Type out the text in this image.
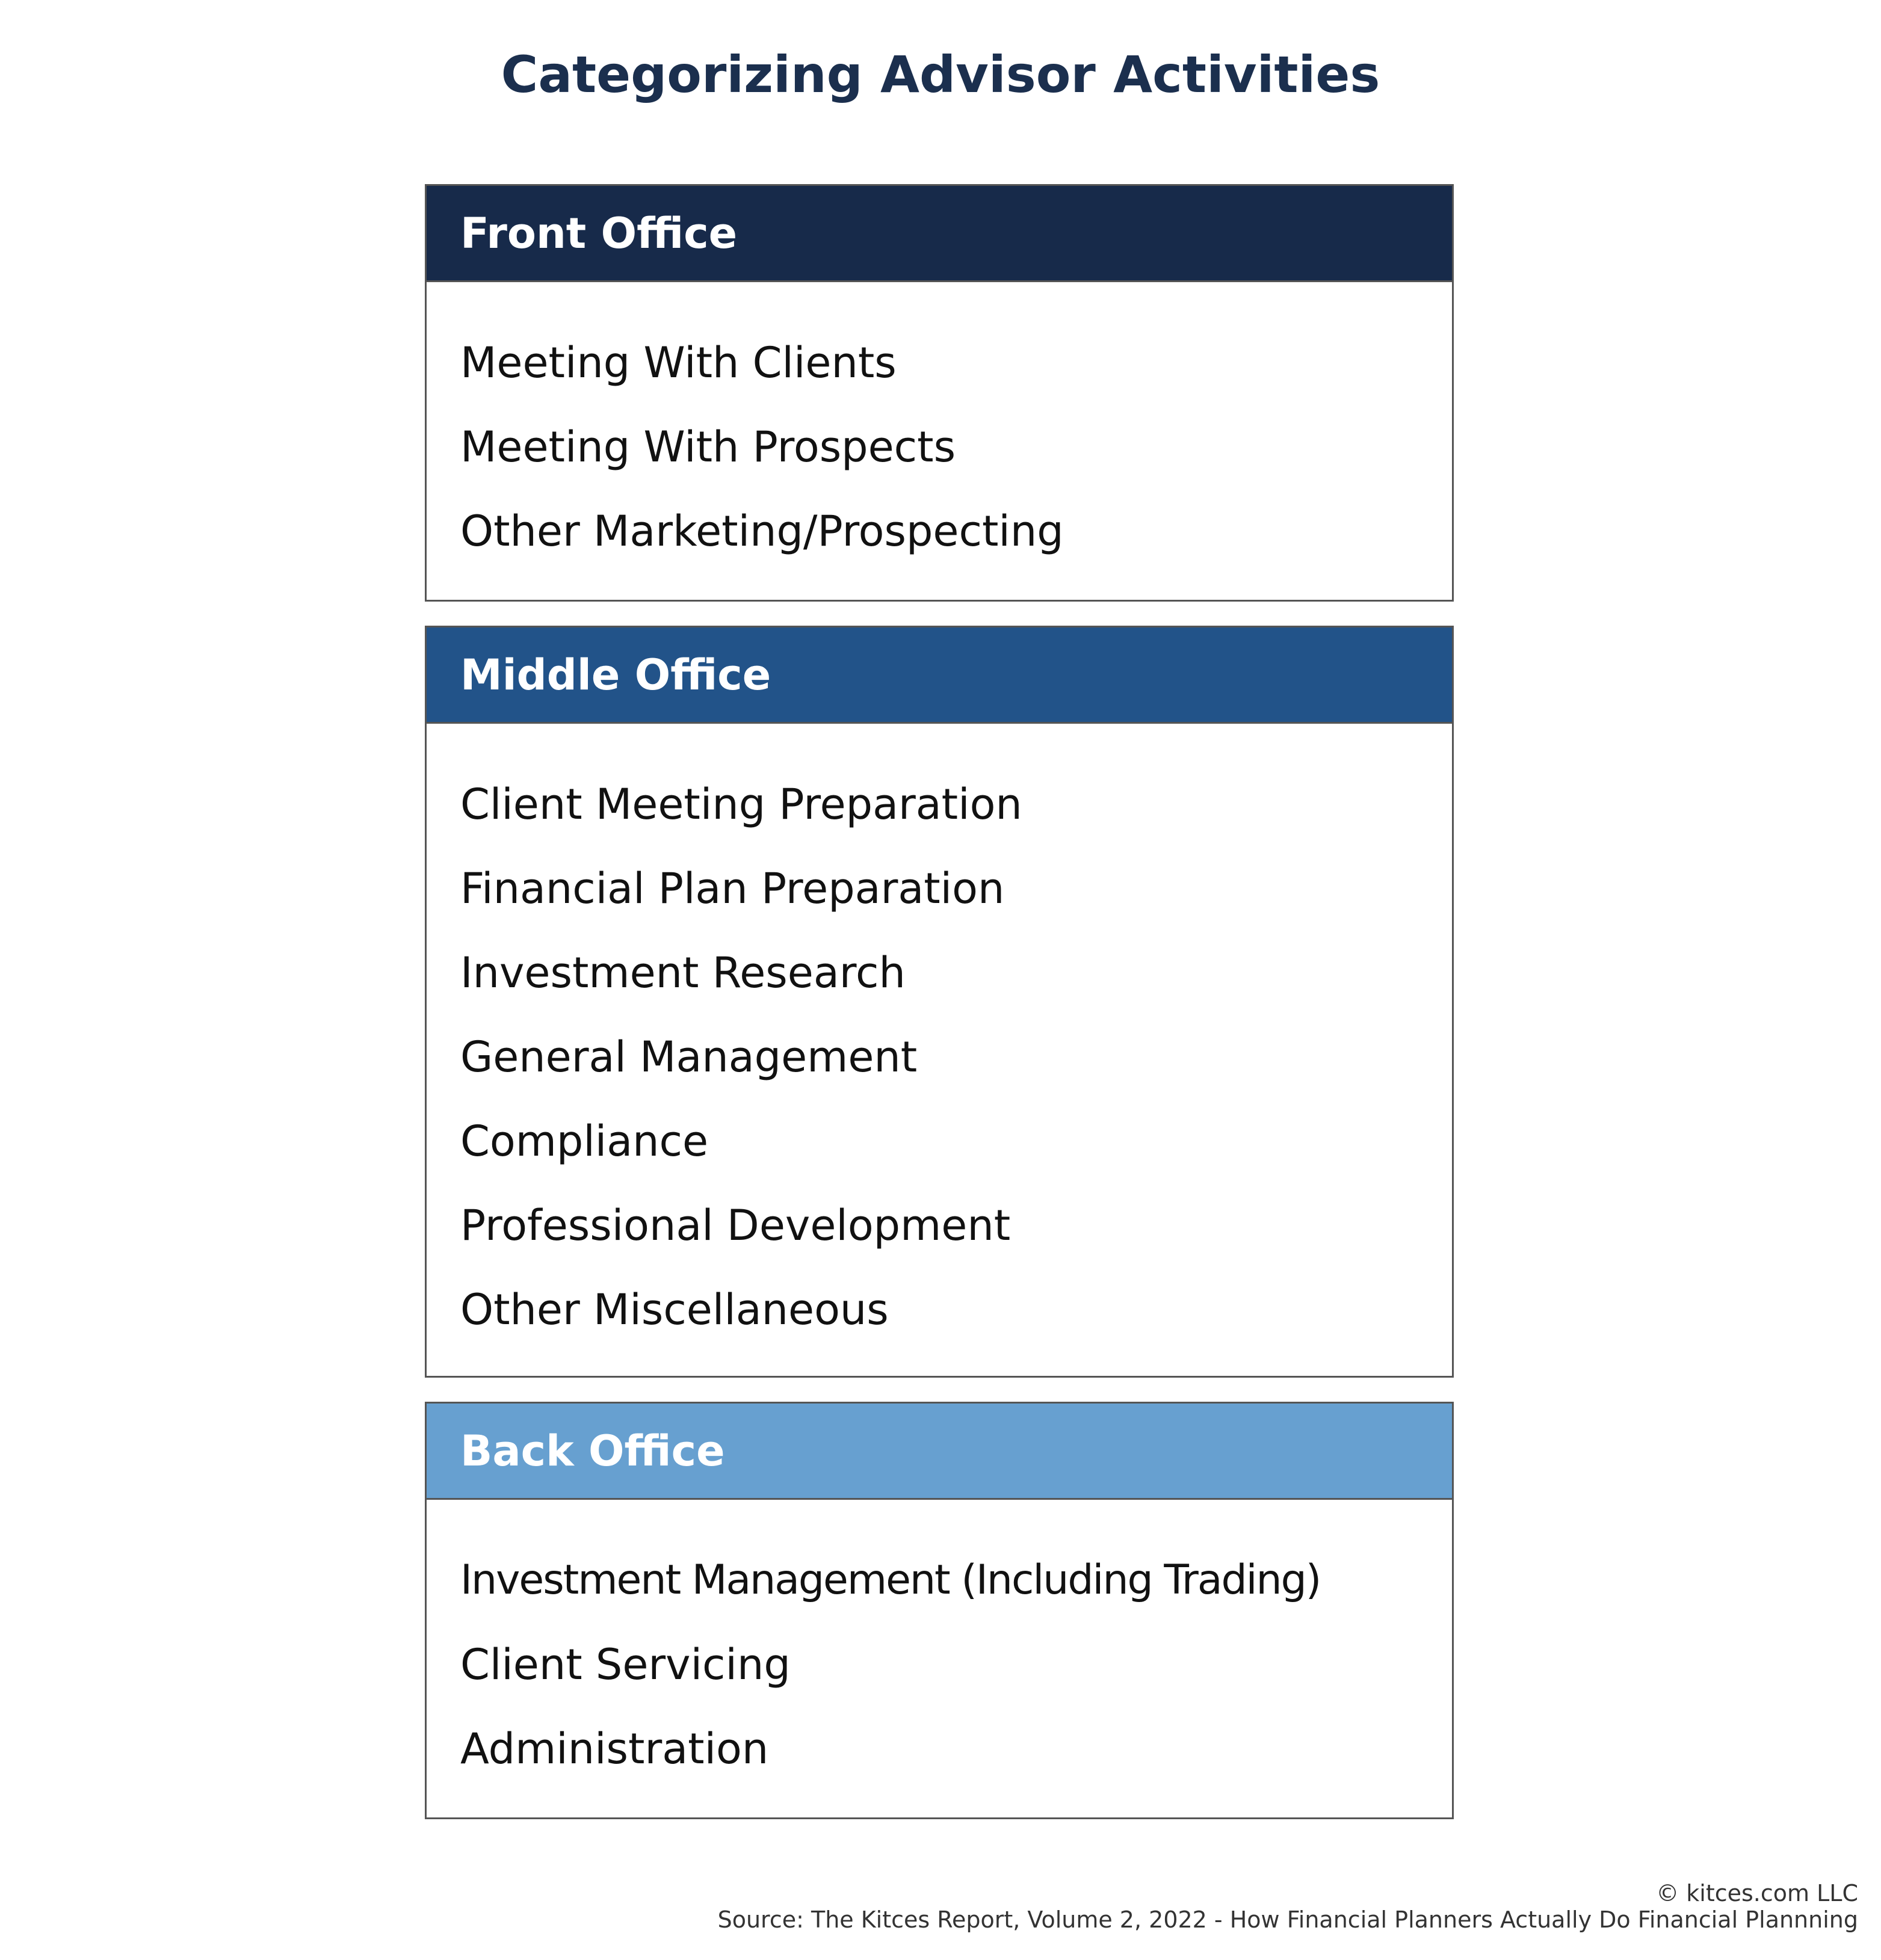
Categorizing Advisor Activities
Front Office
Meeting With Clients
Meeting With Prospects
Other Marketing/Prospecting
Middle Office
Client Meeting Preparation
Financial Plan Preparation
Investment Research
General Management
Compliance
Professional Development
Other Miscellaneous
Back Office
Investment Management (Including Trading)
Client Servicing
Administration
© kitces.com LLC
Source: The Kitces Report, Volume 2, 2022 - How Financial Planners Actually Do Financial Plannning
